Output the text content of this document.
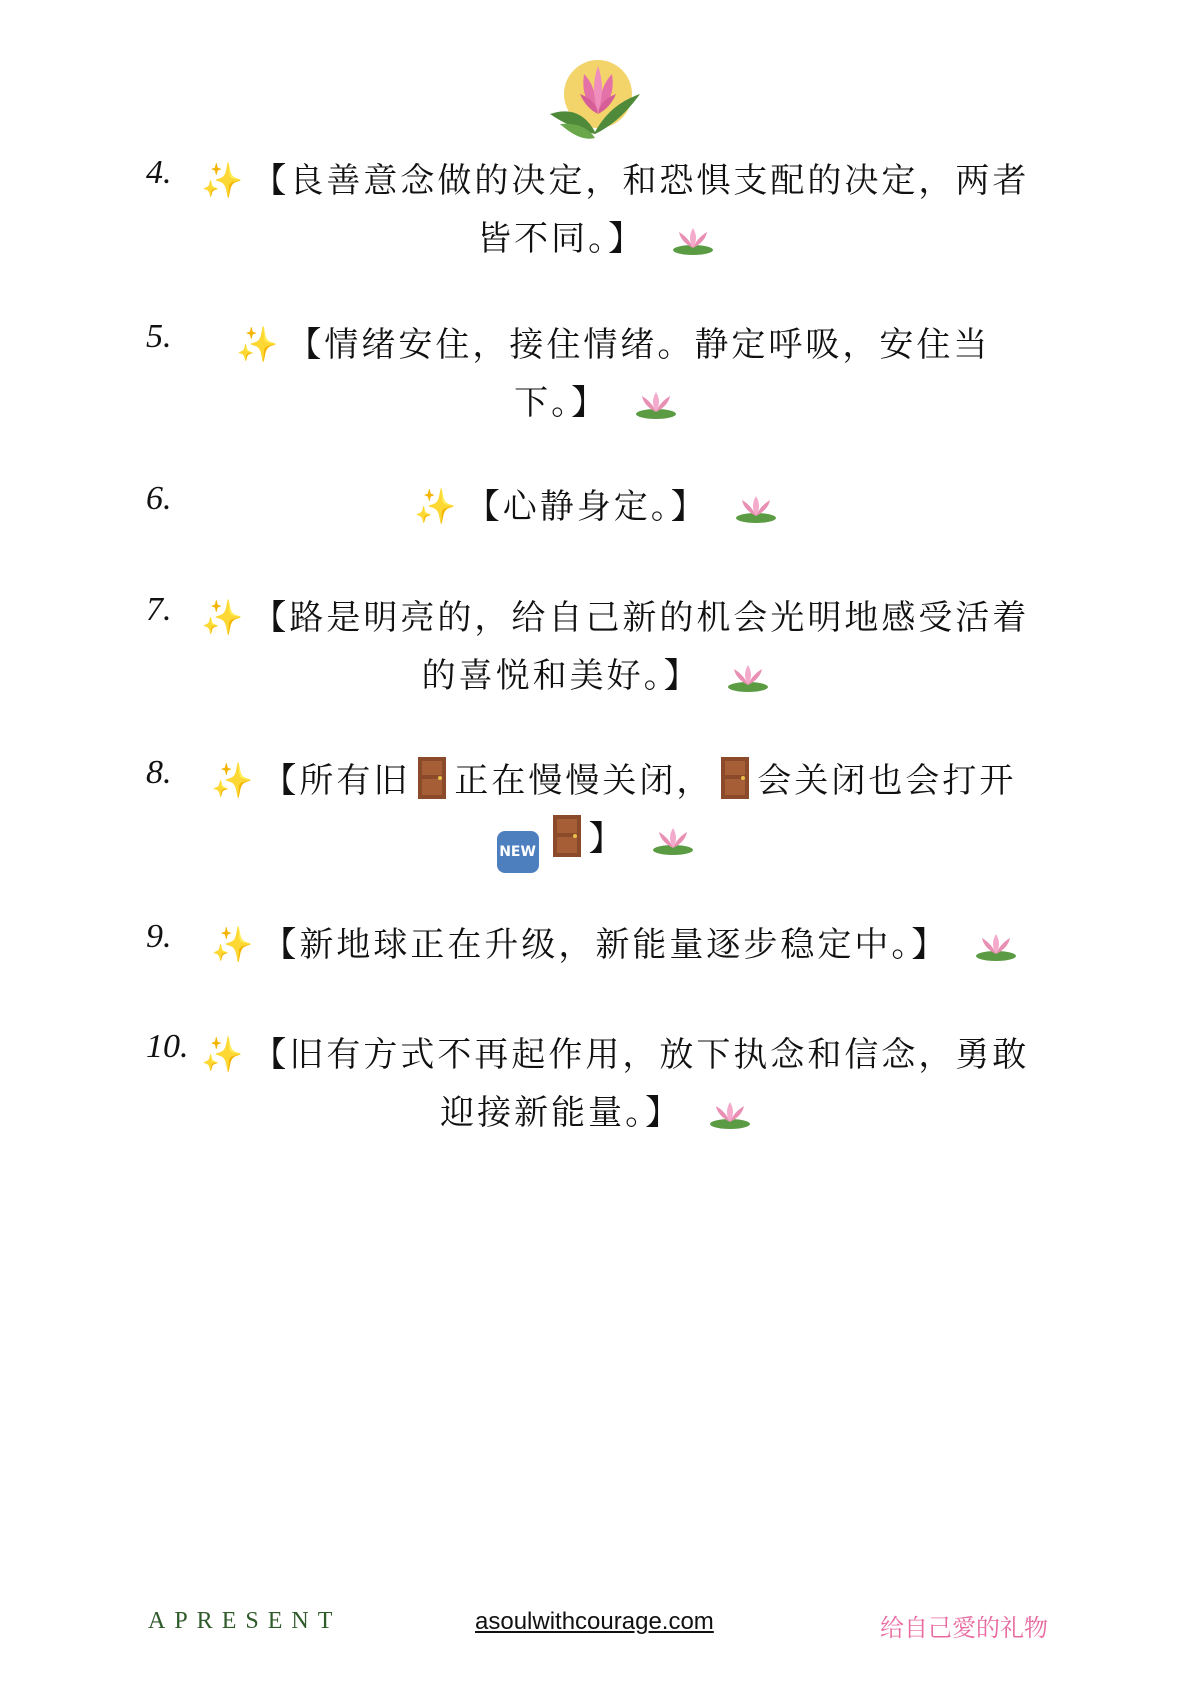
4. ✨ 【良善意念做的决定，和恐惧支配的决定，两者
皆不同。】
5. ✨ 【情绪安住，接住情绪。静定呼吸，安住当
下。】
6.	✨ 【心静身定。】
7. ✨ 【路是明亮的，给自己新的机会光明地感受活着
的喜悦和美好。】
8. ✨ 【所有旧 正在慢慢关闭， 会关闭也会打开
NEW 】
9. ✨ 【新地球正在升级，新能量逐步稳定中。】
10. ✨ 【旧有方式不再起作用，放下执念和信念，勇敢
迎接新能量。】
APRESENT	asoulwithcourage.com	给自己愛的礼物
